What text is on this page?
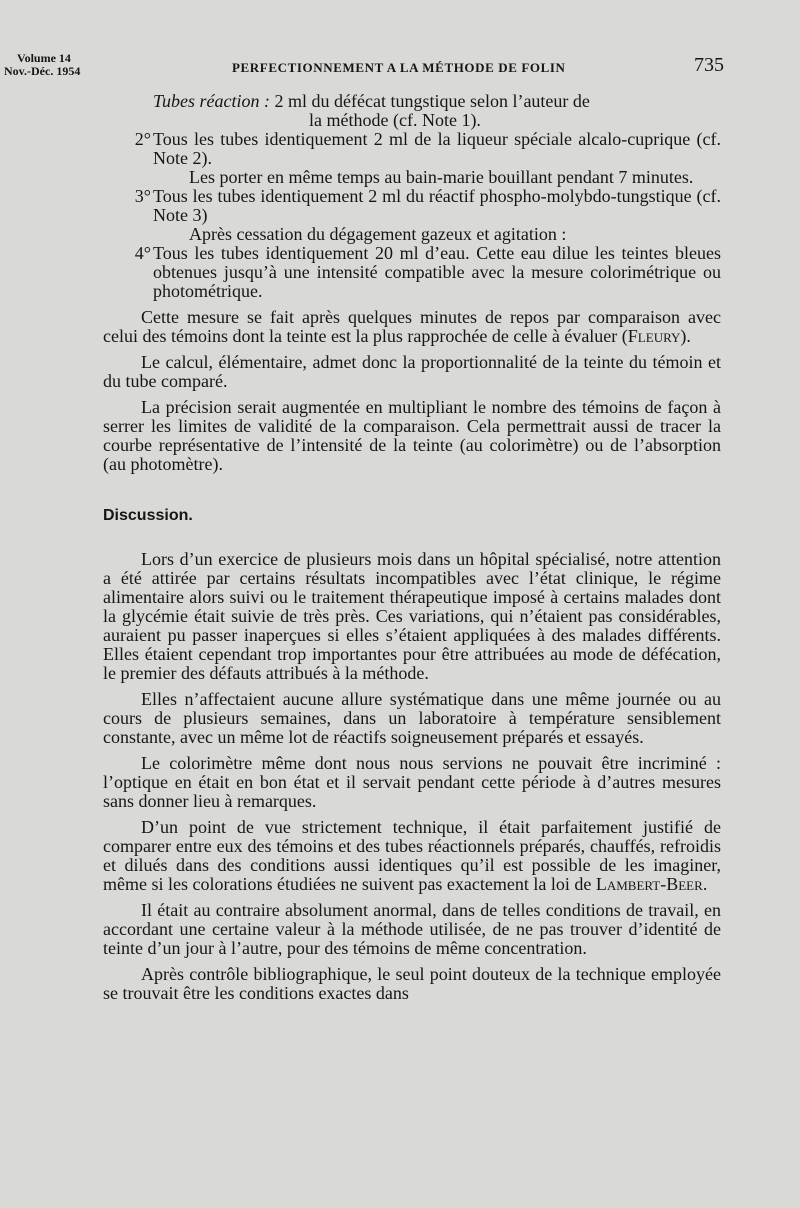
Volume 14
Nov.-Déc. 1954	PERFECTIONNEMENT A LA MÉTHODE DE FOLIN	735

Tubes réaction : 2 ml du défécat tungstique selon l’auteur de
la méthode (cf. Note 1).

2° Tous les tubes identiquement 2 ml de la liqueur spéciale alcalo-cuprique (cf. Note 2).
Les porter en même temps au bain-marie bouillant pendant 7 minutes.
3° Tous les tubes identiquement 2 ml du réactif phospho-molybdo-tungstique (cf. Note 3)
Après cessation du dégagement gazeux et agitation :
4° Tous les tubes identiquement 20 ml d’eau. Cette eau dilue les teintes bleues obtenues jusqu’à une intensité compatible avec la mesure colorimétrique ou photométrique.

Cette mesure se fait après quelques minutes de repos par comparaison avec celui des témoins dont la teinte est la plus rapprochée de celle à évaluer (Fleury).

Le calcul, élémentaire, admet donc la proportionnalité de la teinte du témoin et du tube comparé.

La précision serait augmentée en multipliant le nombre des témoins de façon à serrer les limites de validité de la comparaison. Cela permettrait aussi de tracer la courbe représentative de l’intensité de la teinte (au colorimètre) ou de l’absorption (au photomètre).

Discussion.

Lors d’un exercice de plusieurs mois dans un hôpital spécialisé, notre attention a été attirée par certains résultats incompatibles avec l’état clinique, le régime alimentaire alors suivi ou le traitement thérapeutique imposé à certains malades dont la glycémie était suivie de très près. Ces variations, qui n’étaient pas considérables, auraient pu passer inaperçues si elles s’étaient appliquées à des malades différents. Elles étaient cependant trop importantes pour être attribuées au mode de défécation, le premier des défauts attribués à la méthode.

Elles n’affectaient aucune allure systématique dans une même journée ou au cours de plusieurs semaines, dans un laboratoire à température sensiblement constante, avec un même lot de réactifs soigneusement préparés et essayés.

Le colorimètre même dont nous nous servions ne pouvait être incriminé : l’optique en était en bon état et il servait pendant cette période à d’autres mesures sans donner lieu à remarques.

D’un point de vue strictement technique, il était parfaitement justifié de comparer entre eux des témoins et des tubes réactionnels préparés, chauffés, refroidis et dilués dans des conditions aussi identiques qu’il est possible de les imaginer, même si les colorations étudiées ne suivent pas exactement la loi de Lambert-Beer.

Il était au contraire absolument anormal, dans de telles conditions de travail, en accordant une certaine valeur à la méthode utilisée, de ne pas trouver d’identité de teinte d’un jour à l’autre, pour des témoins de même concentration.

Après contrôle bibliographique, le seul point douteux de la technique employée se trouvait être les conditions exactes dans
